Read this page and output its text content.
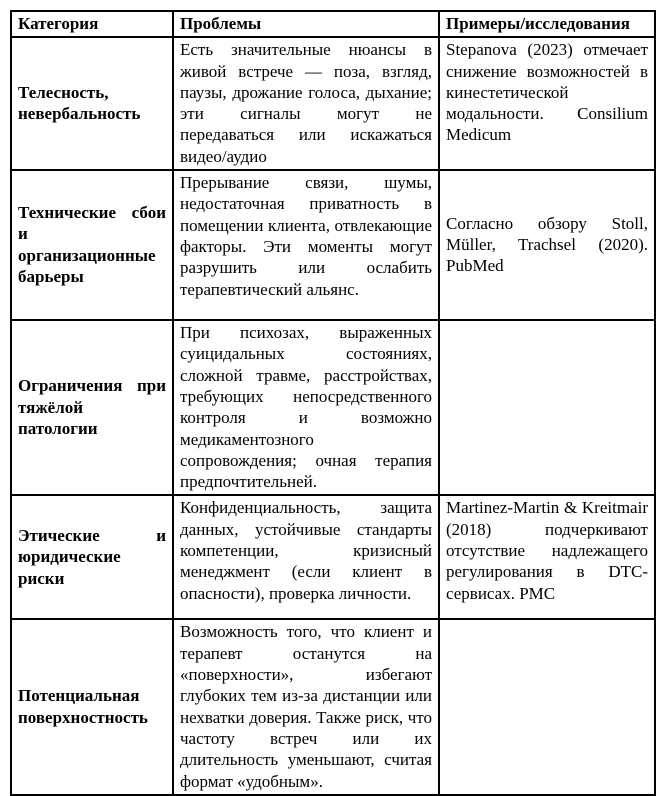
Категория	Проблемы	Примеры/исследования
Телесность, невербальность	Есть значительные нюансы в живой встрече — поза, взгляд, паузы, дрожание голоса, дыхание; эти сигналы могут не передаваться или искажаться видео/аудио	Stepanova (2023) отмечает снижение возможностей в кинестетической модальности. Consilium Medicum
Технические сбои и организационные барьеры	Прерывание связи, шумы, недостаточная приватность в помещении клиента, отвлекающие факторы. Эти моменты могут разрушить или ослабить терапевтический альянс.	Согласно обзору Stoll, Müller, Trachsel (2020). PubMed
Ограничения при тяжёлой патологии	При психозах, выраженных суицидальных состояниях, сложной травме, расстройствах, требующих непосредственного контроля и возможно медикаментозного сопровождения; очная терапия предпочтительней.	
Этические и юридические риски	Конфиденциальность, защита данных, устойчивые стандарты компетенции, кризисный менеджмент (если клиент в опасности), проверка личности.	Martinez-Martin & Kreitmair (2018) подчеркивают отсутствие надлежащего регулирования в DTC-сервисах. PMC
Потенциальная поверхностность	Возможность того, что клиент и терапевт останутся на «поверхности», избегают глубоких тем из-за дистанции или нехватки доверия. Также риск, что частоту встреч или их длительность уменьшают, считая формат «удобным».	
